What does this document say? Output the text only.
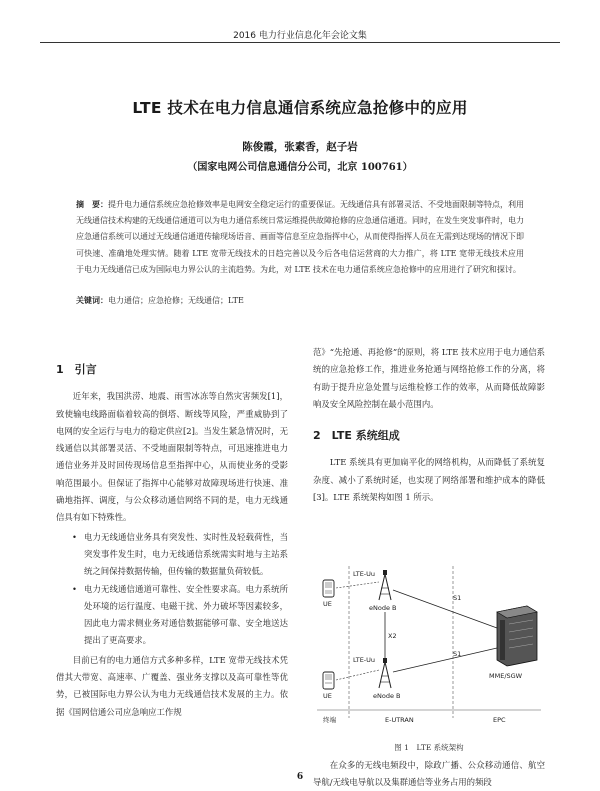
2016 电力行业信息化年会论文集
LTE 技术在电力信息通信系统应急抢修中的应用
陈俊霞，张素香，赵子岩
（国家电网公司信息通信分公司，北京 100761）
摘　要：提升电力通信系统应急抢修效率是电网安全稳定运行的重要保证。无线通信具有部署灵活、不受地面限制等特点，利用无线通信技术构建的无线通信通道可以为电力通信系统日常运维提供故障抢修的应急通信通道。同时，在发生突发事件时，电力应急通信系统可以通过无线通信通道传输现场语音、画面等信息至应急指挥中心，从而使得指挥人员在无需到达现场的情况下即可快速、准确地处理实情。随着 LTE 宽带无线技术的日趋完善以及今后各电信运营商的大力推广，将 LTE 宽带无线技术应用于电力无线通信已成为国际电力界公认的主流趋势。为此，对 LTE 技术在电力通信系统应急抢修中的应用进行了研究和探讨。
关键词：电力通信；应急抢修；无线通信；LTE
1　引言

近年来，我国洪涝、地震、雨雪冰冻等自然灾害频发[1]，致使输电线路面临着较高的倒塔、断线等风险，严重威胁到了电网的安全运行与电力的稳定供应[2]。当发生紧急情况时，无线通信以其部署灵活、不受地面限制等特点，可迅速推进电力通信业务并及时回传现场信息至指挥中心，从而使业务的受影响范围最小。但保证了指挥中心能够对故障现场进行快速、准确地指挥、调度，与公众移动通信网络不同的是，电力无线通信具有如下特殊性。

• 电力无线通信业务具有突发性、实时性及轻载荷性，当突发事件发生时，电力无线通信系统需实时地与主站系统之间保持数据传输，但传输的数据量负荷较低。
• 电力无线通信通道可靠性、安全性要求高。电力系统所处环境的运行温度、电磁干扰、外力破坏等因素较多，因此电力需求侧业务对通信数据能够可靠、安全地送达提出了更高要求。

目前已有的电力通信方式多种多样，LTE 宽带无线技术凭借其大带宽、高速率、广覆盖、强业务支撑以及高可靠性等优势，已被国际电力界公认为电力无线通信技术发展的主力。依据《国网信通公司应急响应工作规

范》“先抢通、再抢修”的原则，将 LTE 技术应用于电力通信系统的应急抢修工作，推进业务抢通与网络抢修工作的分离，将有助于提升应急处置与运维检修工作的效率，从而降低故障影响及安全风险控制在最小范围内。

2　LTE 系统组成

LTE 系统具有更加扁平化的网络机构，从而降低了系统复杂度、减小了系统时延，也实现了网络部署和维护成本的降低[3]。LTE 系统架构如图 1 所示。

UE
UE
LTE-Uu
LTE-Uu
eNode B
eNode B
X2
S1
S1
MME/SGW
终端	E-UTRAN	EPC
图 1　LTE 系统架构

在众多的无线电频段中，除政广播、公众移动通信、航空导航/无线电导航以及集群通信等业务占用的频段

6
